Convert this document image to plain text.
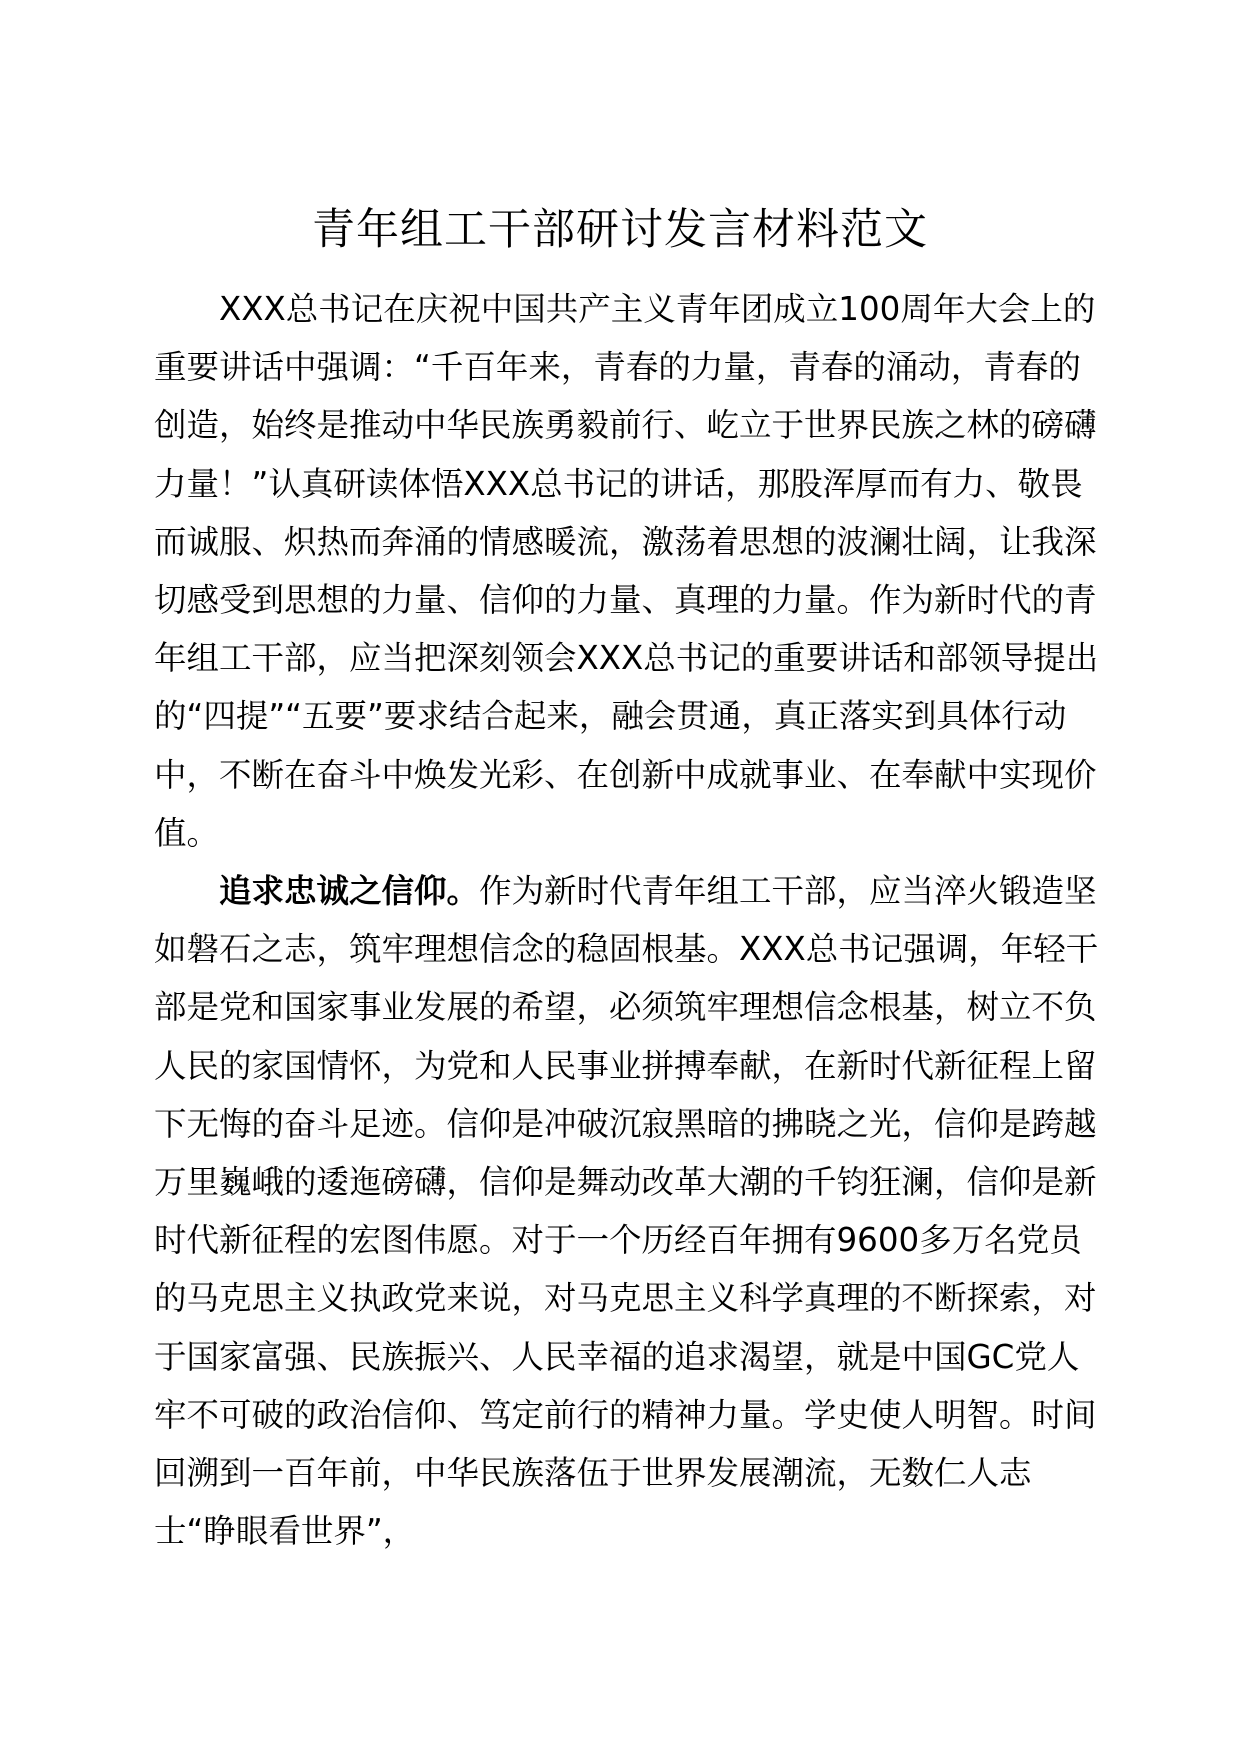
青年组工干部研讨发言材料范文

XXX总书记在庆祝中国共产主义青年团成立100周年大会上的重要讲话中强调：“千百年来，青春的力量，青春的涌动，青春的创造，始终是推动中华民族勇毅前行、屹立于世界民族之林的磅礴力量！”认真研读体悟XXX总书记的讲话，那股浑厚而有力、敬畏而诚服、炽热而奔涌的情感暖流，激荡着思想的波澜壮阔，让我深切感受到思想的力量、信仰的力量、真理的力量。作为新时代的青年组工干部，应当把深刻领会XXX总书记的重要讲话和部领导提出的“四提”“五要”要求结合起来，融会贯通，真正落实到具体行动中，不断在奋斗中焕发光彩、在创新中成就事业、在奉献中实现价值。

追求忠诚之信仰。作为新时代青年组工干部，应当淬火锻造坚如磐石之志，筑牢理想信念的稳固根基。XXX总书记强调，年轻干部是党和国家事业发展的希望，必须筑牢理想信念根基，树立不负人民的家国情怀，为党和人民事业拼搏奉献，在新时代新征程上留下无悔的奋斗足迹。信仰是冲破沉寂黑暗的拂晓之光，信仰是跨越万里巍峨的逶迤磅礴，信仰是舞动改革大潮的千钧狂澜，信仰是新时代新征程的宏图伟愿。对于一个历经百年拥有9600多万名党员的马克思主义执政党来说，对马克思主义科学真理的不断探索，对于国家富强、民族振兴、人民幸福的追求渴望，就是中国GC党人牢不可破的政治信仰、笃定前行的精神力量。学史使人明智。时间回溯到一百年前，中华民族落伍于世界发展潮流，无数仁人志士“睁眼看世界”，
